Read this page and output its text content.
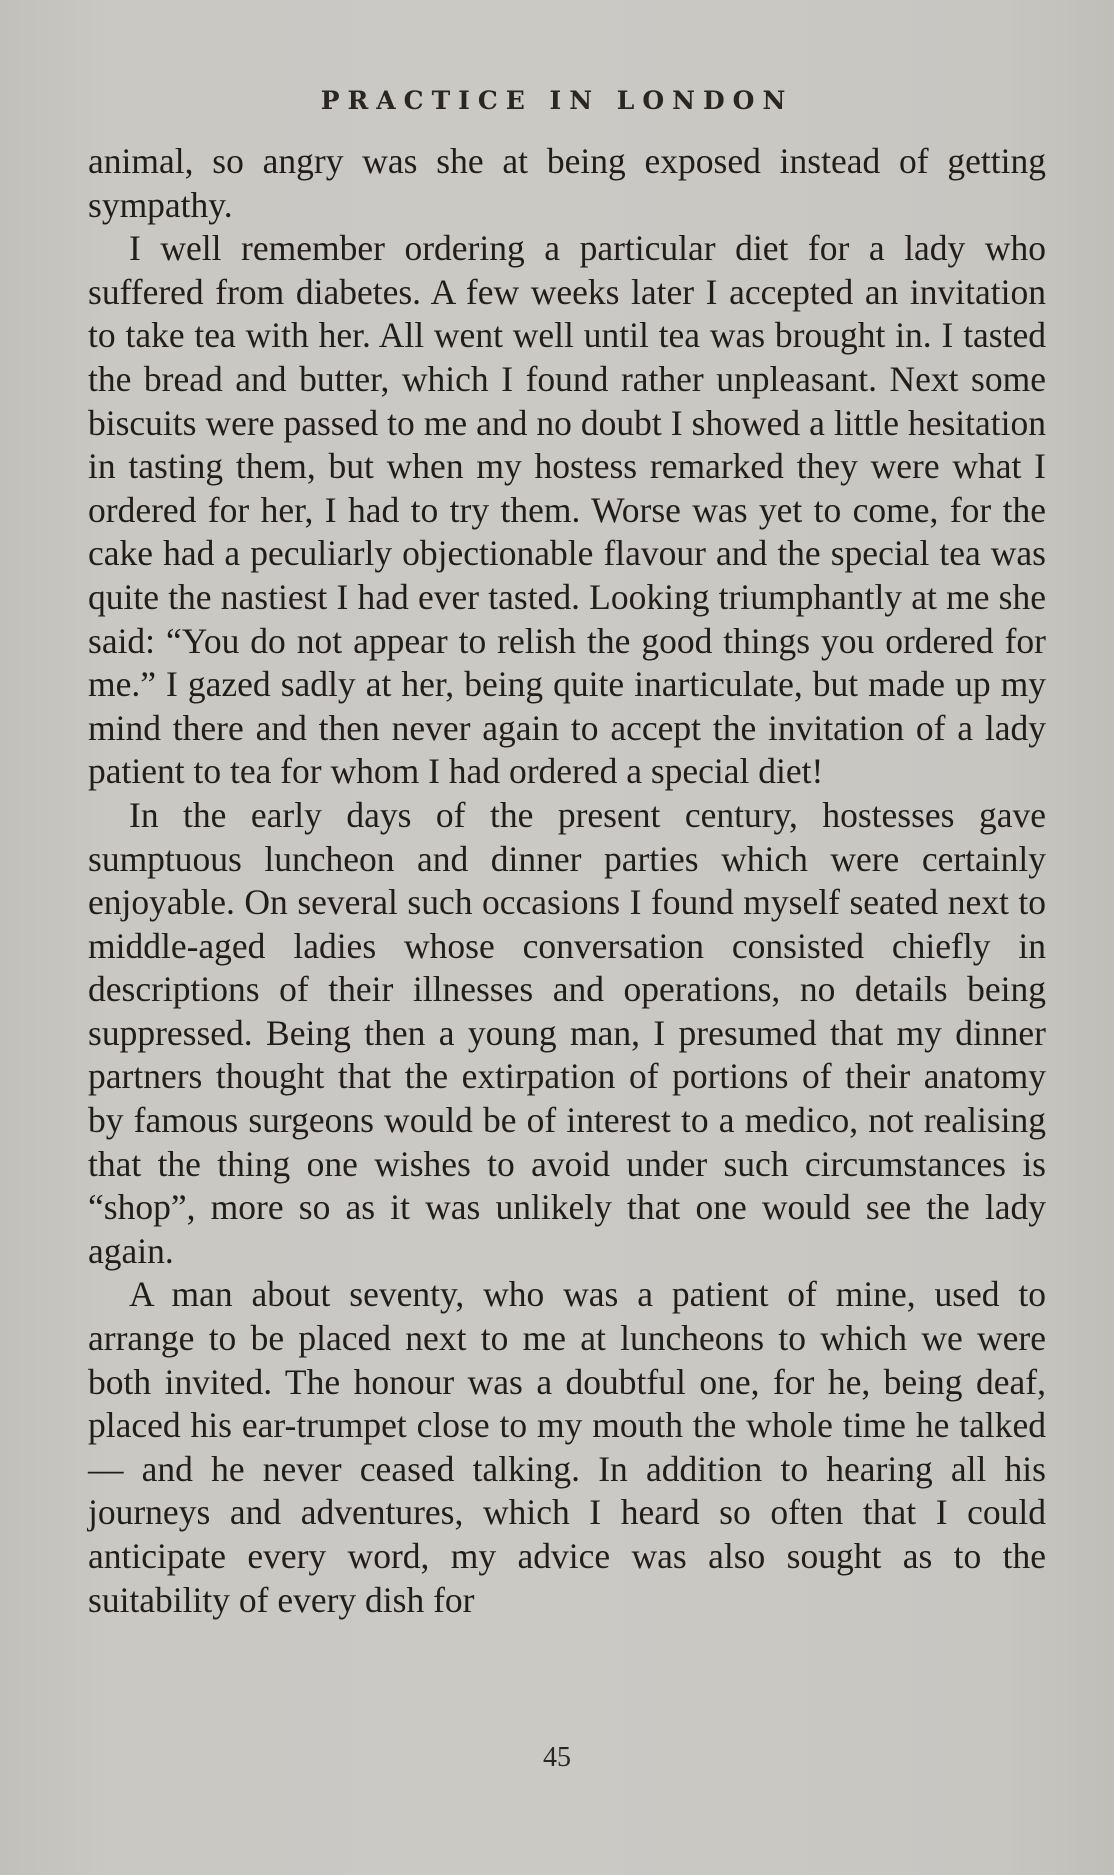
PRACTICE IN LONDON

animal, so angry was she at being exposed instead of getting sympathy.

I well remember ordering a particular diet for a lady who suffered from diabetes. A few weeks later I accepted an invitation to take tea with her. All went well until tea was brought in. I tasted the bread and butter, which I found rather unpleasant. Next some biscuits were passed to me and no doubt I showed a little hesitation in tasting them, but when my hostess remarked they were what I ordered for her, I had to try them. Worse was yet to come, for the cake had a peculiarly objectionable flavour and the special tea was quite the nastiest I had ever tasted. Looking triumphantly at me she said: “You do not appear to relish the good things you ordered for me.” I gazed sadly at her, being quite inarticulate, but made up my mind there and then never again to accept the invitation of a lady patient to tea for whom I had ordered a special diet!

In the early days of the present century, hostesses gave sumptuous luncheon and dinner parties which were certainly enjoyable. On several such occasions I found myself seated next to middle-aged ladies whose conversation consisted chiefly in descriptions of their illnesses and operations, no details being suppressed. Being then a young man, I presumed that my dinner partners thought that the extirpation of portions of their anatomy by famous surgeons would be of interest to a medico, not realising that the thing one wishes to avoid under such circumstances is “shop”, more so as it was unlikely that one would see the lady again.

A man about seventy, who was a patient of mine, used to arrange to be placed next to me at luncheons to which we were both invited. The honour was a doubtful one, for he, being deaf, placed his ear-trumpet close to my mouth the whole time he talked — and he never ceased talking. In addition to hearing all his journeys and adventures, which I heard so often that I could anticipate every word, my advice was also sought as to the suitability of every dish for

45
